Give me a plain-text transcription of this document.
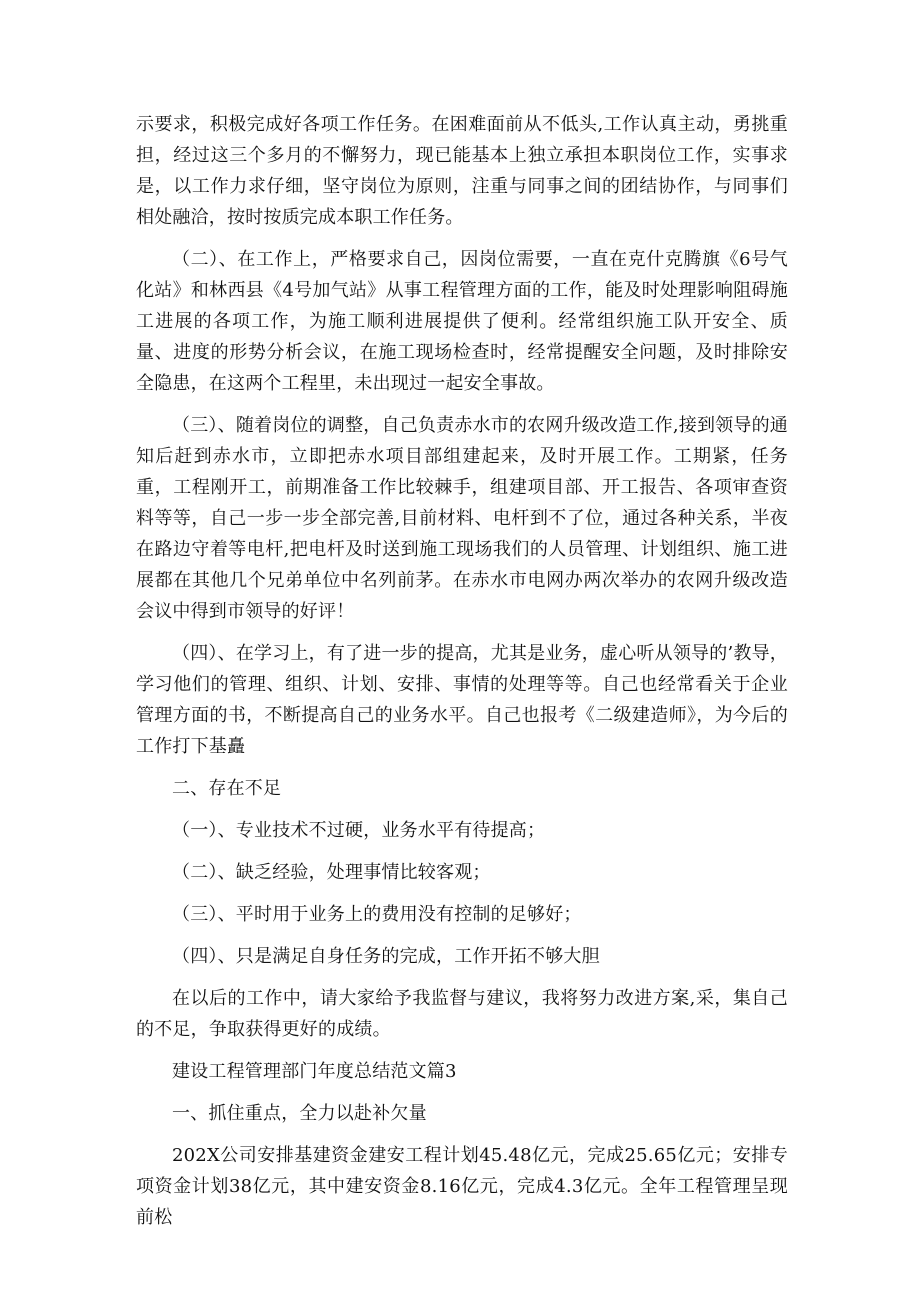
示要求，积极完成好各项工作任务。在困难面前从不低头,工作认真主动，勇挑重担，经过这三个多月的不懈努力，现已能基本上独立承担本职岗位工作，实事求是，以工作力求仔细，坚守岗位为原则，注重与同事之间的团结协作，与同事们相处融洽，按时按质完成本职工作任务。

（二）、在工作上，严格要求自己，因岗位需要，一直在克什克腾旗《6号气化站》和林西县《4号加气站》从事工程管理方面的工作，能及时处理影响阻碍施工进展的各项工作，为施工顺利进展提供了便利。经常组织施工队开安全、质量、进度的形势分析会议，在施工现场检查时，经常提醒安全问题，及时排除安全隐患，在这两个工程里，未出现过一起安全事故。

（三）、随着岗位的调整，自己负责赤水市的农网升级改造工作,接到领导的通知后赶到赤水市，立即把赤水项目部组建起来，及时开展工作。工期紧，任务重，工程刚开工，前期准备工作比较棘手，组建项目部、开工报告、各项审查资料等等，自己一步一步全部完善,目前材料、电杆到不了位，通过各种关系，半夜在路边守着等电杆,把电杆及时送到施工现场我们的人员管理、计划组织、施工进展都在其他几个兄弟单位中名列前茅。在赤水市电网办两次举办的农网升级改造会议中得到市领导的好评！

（四）、在学习上，有了进一步的提高，尤其是业务，虚心听从领导的’教导，学习他们的管理、组织、计划、安排、事情的处理等等。自己也经常看关于企业管理方面的书，不断提高自己的业务水平。自己也报考《二级建造师》，为今后的工作打下基矗

二、存在不足

（一）、专业技术不过硬，业务水平有待提高；

（二）、缺乏经验，处理事情比较客观；

（三）、平时用于业务上的费用没有控制的足够好；

（四）、只是满足自身任务的完成，工作开拓不够大胆

在以后的工作中，请大家给予我监督与建议，我将努力改进方案,采，集自己的不足，争取获得更好的成绩。

建设工程管理部门年度总结范文篇3

一、抓住重点，全力以赴补欠量

202X公司安排基建资金建安工程计划45.48亿元，完成25.65亿元；安排专项资金计划38亿元，其中建安资金8.16亿元，完成4.3亿元。全年工程管理呈现前松
